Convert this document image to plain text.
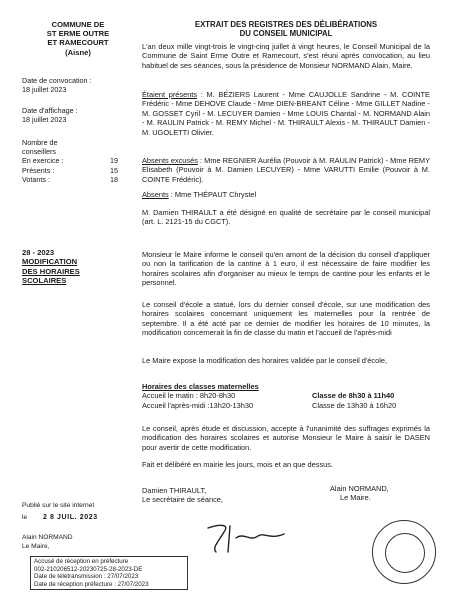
COMMUNE DE
ST ERME OUTRE
ET RAMECOURT
(Aisne)
Date de convocation :
18 juillet 2023
Date d'affichage :
18 juillet 2023
Nombre de
conseillers
En exercice :	19
Présents :	15
Votants :	18
28 - 2023
MODIFICATION
DES HORAIRES
SCOLAIRES
Publié sur le site internet
le 2 8 JUIL. 2023
Alain NORMAND
Le Maire,
Accusé de réception en préfecture
002-210206512-20230725-28-2023-DE
Date de télétransmission : 27/07/2023
Date de réception préfecture : 27/07/2023
EXTRAIT DES REGISTRES DES DÉLIBÉRATIONS
DU CONSEIL MUNICIPAL
L'an deux mille vingt-trois le vingt-cinq juillet à vingt heures, le Conseil Municipal de la Commune de Saint Erme Outre et Ramecourt, s'est réuni après convocation, au lieu habituel de ses séances, sous la présidence de Monsieur NORMAND Alain, Maire.
Étaient présents : M. BÉZIERS Laurent - Mme CAUJOLLE Sandrine - M. COINTE Frédéric - Mme DEHOVE Claude - Mme DIEN-BREANT Céline - Mme GILLET Nadine - M. GOSSET Cyril - M. LECUYER Damien - Mme LOUIS Chantal - M. NORMAND Alain - M. RAULIN Patrick - M. REMY Michel - M. THIRAULT Alexis - M. THIRAULT Damien - M. UGOLETTI Olivier.
Absents excusés : Mme REGNIER Aurélia (Pouvoir à M. RAULIN Patrick) - Mme REMY Elisabeth (Pouvoir à M. Damien LECUYER) - Mme VARUTTI Emilie (Pouvoir à M. COINTE Frédéric).
Absents : Mme THÉPAUT Chrystel
M. Damien THIRAULT a été désigné en qualité de secrétaire par le conseil municipal (art. L. 2121-15 du CGCT).
Monsieur le Maire informe le conseil qu'en amont de la décision du conseil d'appliquer ou non la tarification de la cantine à 1 euro, il est nécessaire de faire modifier les horaires scolaires afin d'organiser au mieux le temps de cantine pour les enfants et le personnel.
Le conseil d'école a statué, lors du dernier conseil d'école, sur une modification des horaires scolaires concernant uniquement les maternelles pour la rentrée de septembre. Il a été acté par ce dernier de modifier les horaires de 10 minutes, la modification concernerait la fin de classe du matin et l'accueil de l'après-midi
Le Maire expose la modification des horaires validée par le conseil d'école,
Horaires des classes maternelles
Accueil le matin : 8h20-8h30	Classe de 8h30 à 11h40
Accueil l'après-midi :13h20-13h30	Classe de 13h30 à 16h20
Le conseil, après étude et discussion, accepte à l'unanimité des suffrages exprimés la modification des horaires scolaires et autorise Monsieur le Maire à saisir le DASEN pour avertir de cette modification.
Fait et délibéré en mairie les jours, mois et an que dessus.
Damien THIRAULT,
Le secrétaire de séance,
Alain NORMAND,
Le Maire.
